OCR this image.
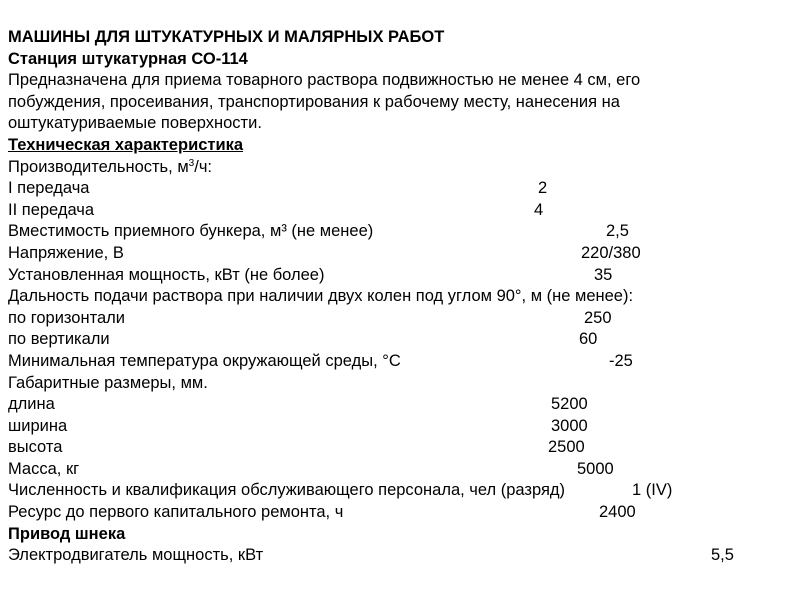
МАШИНЫ ДЛЯ ШТУКАТУРНЫХ И МАЛЯРНЫХ РАБОТ
Станция штукатурная СО-114
Предназначена для приема товарного раствора подвижностью не менее 4 см, его побуждения, просеивания, транспортирования к рабочему месту, нанесения на оштукатуриваемые поверхности.
Техническая характеристика
Производительность, $м^3/ч$:
I передача	2
II передача	4
Вместимость приемного бункера, м³ (не менее)	2,5
Напряжение, В	220/380
Установленная мощность, кВт (не более)	35
Дальность подачи раствора при наличии двух колен под углом 90°, м (не менее):
по горизонтали	250
по вертикали	60
Минимальная температура окружающей среды, °С	-25
Габаритные размеры, мм.
длина	5200
ширина	3000
высота	2500
Масса, кг	5000
Численность и квалификация обслуживающего персонала, чел (разряд)	1 (IV)
Ресурс до первого капитального ремонта, ч	2400
Привод шнека
Электродвигатель мощность, кВт	5,5
